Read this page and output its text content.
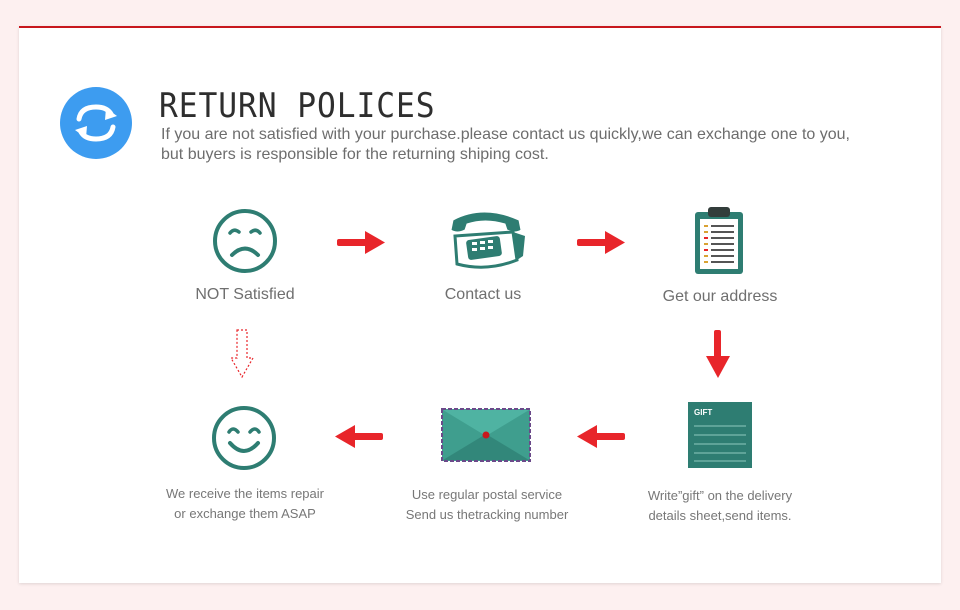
RETURN POLICES
If you are not satisfied with your purchase.please contact us quickly,we can exchange one to you,
but buyers is responsible for the returning shiping cost.
NOT Satisfied	Contact us	Get our address
We receive the items repair
or exchange them ASAP
Use regular postal service
Send us thetracking number
GIFT
Write”gift” on the delivery
details sheet,send items.
